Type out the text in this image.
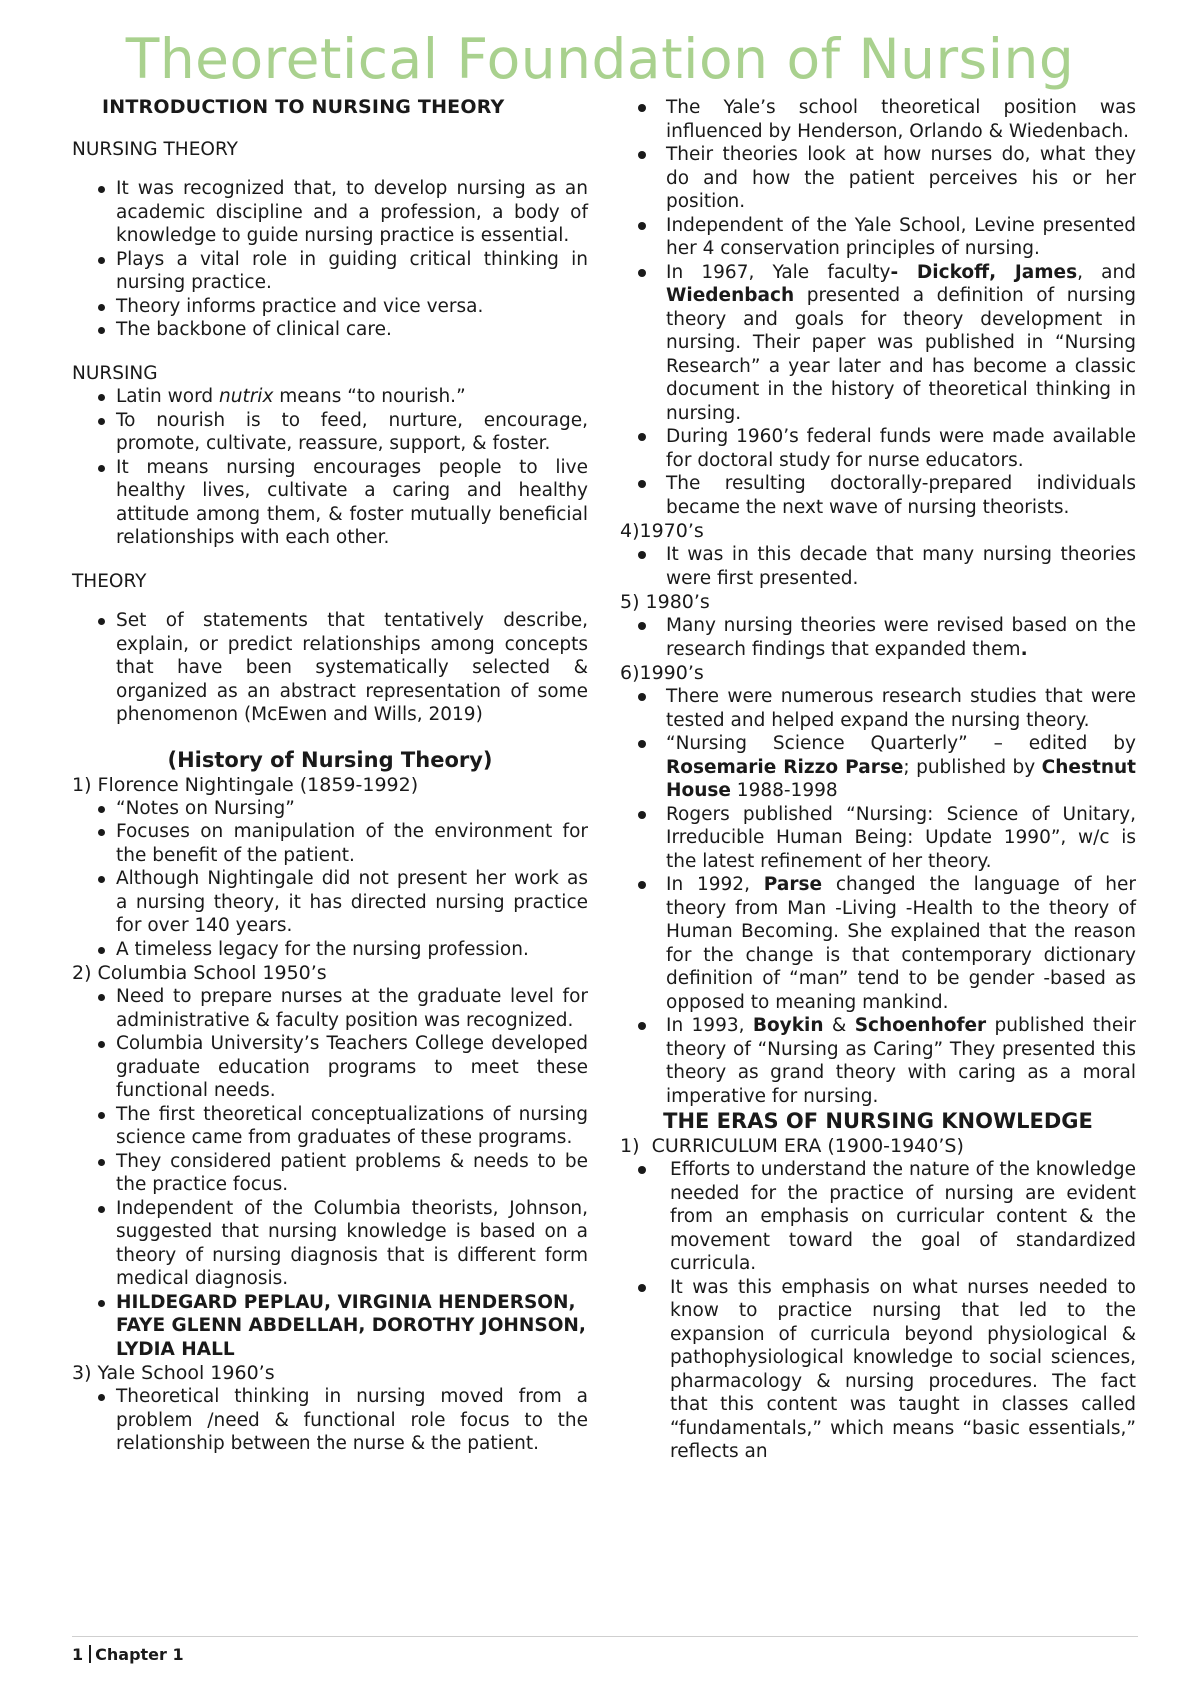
Theoretical Foundation of Nursing

INTRODUCTION TO NURSING THEORY

NURSING THEORY

It was recognized that, to develop nursing as an academic discipline and a profession, a body of knowledge to guide nursing practice is essential.
Plays a vital role in guiding critical thinking in nursing practice.
Theory informs practice and vice versa.
The backbone of clinical care.

NURSING

Latin word nutrix means “to nourish.”
To nourish is to feed, nurture, encourage, promote, cultivate, reassure, support, & foster.
It means nursing encourages people to live healthy lives, cultivate a caring and healthy attitude among them, & foster mutually beneficial relationships with each other.

THEORY

Set of statements that tentatively describe, explain, or predict relationships among concepts that have been systematically selected & organized as an abstract representation of some phenomenon (McEwen and Wills, 2019)
(History of Nursing Theory)

1) Florence Nightingale (1859-1992)

“Notes on Nursing”
Focuses on manipulation of the environment for the benefit of the patient.
Although Nightingale did not present her work as a nursing theory, it has directed nursing practice for over 140 years.
A timeless legacy for the nursing profession.

2) Columbia School 1950’s

Need to prepare nurses at the graduate level for administrative & faculty position was recognized.
Columbia University’s Teachers College developed graduate education programs to meet these functional needs.
The first theoretical conceptualizations of nursing science came from graduates of these programs.
They considered patient problems & needs to be the practice focus.
Independent of the Columbia theorists, Johnson, suggested that nursing knowledge is based on a theory of nursing diagnosis that is different form medical diagnosis.
HILDEGARD PEPLAU, VIRGINIA HENDERSON, FAYE GLENN ABDELLAH, DOROTHY JOHNSON, LYDIA HALL

3) Yale School 1960’s

Theoretical thinking in nursing moved from a problem /need & functional role focus to the relationship between the nurse & the patient.
The Yale’s school theoretical position was influenced by Henderson, Orlando & Wiedenbach.
Their theories look at how nurses do, what they do and how the patient perceives his or her position.
Independent of the Yale School, Levine presented her 4 conservation principles of nursing.
In 1967, Yale faculty- Dickoff, James, and Wiedenbach presented a definition of nursing theory and goals for theory development in nursing. Their paper was published in “Nursing Research” a year later and has become a classic document in the history of theoretical thinking in nursing.
During 1960’s federal funds were made available for doctoral study for nurse educators.
The resulting doctorally-prepared individuals became the next wave of nursing theorists.

4)1970’s

It was in this decade that many nursing theories were first presented.

5) 1980’s

Many nursing theories were revised based on the research findings that expanded them.

6)1990’s

There were numerous research studies that were tested and helped expand the nursing theory.
“Nursing Science Quarterly” – edited by Rosemarie Rizzo Parse; published by Chestnut House 1988-1998
Rogers published “Nursing: Science of Unitary, Irreducible Human Being: Update 1990”, w/c is the latest refinement of her theory.
In 1992, Parse changed the language of her theory from Man -Living -Health to the theory of Human Becoming. She explained that the reason for the change is that contemporary dictionary definition of “man” tend to be gender -based as opposed to meaning mankind.
In 1993, Boykin & Schoenhofer published their theory of “Nursing as Caring” They presented this theory as grand theory with caring as a moral imperative for nursing.
THE ERAS OF NURSING KNOWLEDGE

1)  CURRICULUM ERA (1900-1940’S)

Efforts to understand the nature of the knowledge needed for the practice of nursing are evident from an emphasis on curricular content & the movement toward the goal of standardized curricula.
It was this emphasis on what nurses needed to know to practice nursing that led to the expansion of curricula beyond physiological & pathophysiological knowledge to social sciences, pharmacology & nursing procedures. The fact that this content was taught in classes called “fundamentals,” which means “basic essentials,” reflects an
1 Chapter 1
